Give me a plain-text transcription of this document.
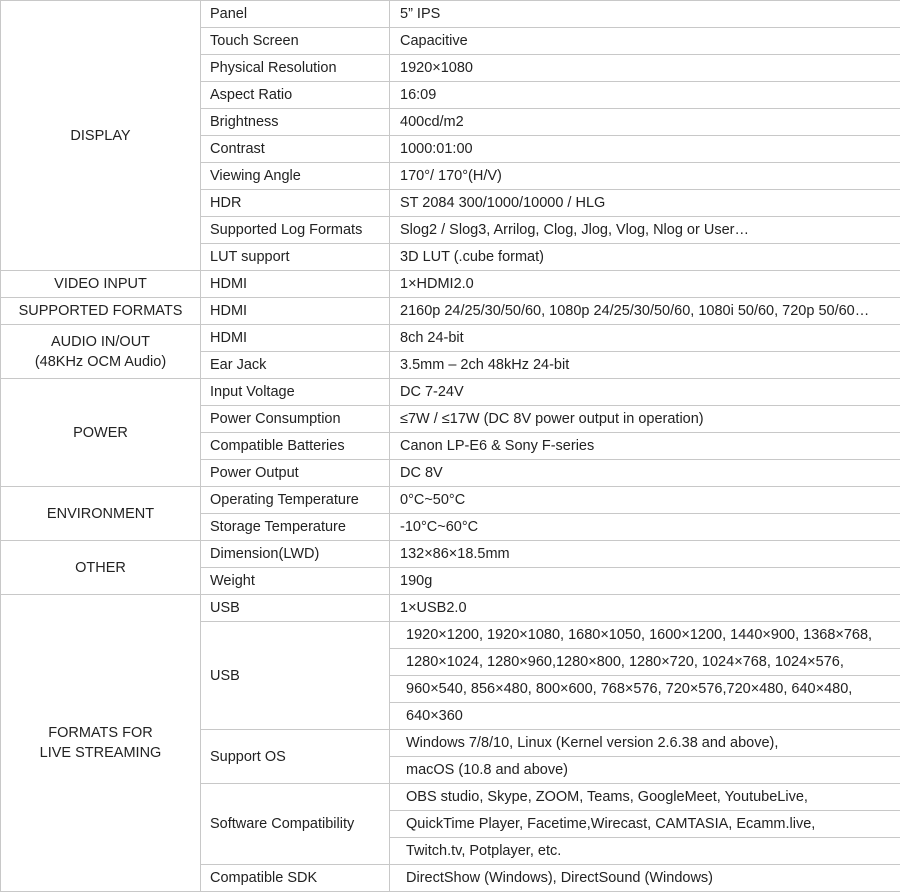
DISPLAY	Panel	5” IPS
	Touch Screen	Capacitive
	Physical Resolution	1920×1080
	Aspect Ratio	16:09
	Brightness	400cd/m2
	Contrast	1000:01:00
	Viewing Angle	170°/ 170°(H/V)
	HDR	ST 2084 300/1000/10000 / HLG
	Supported Log Formats	Slog2 / Slog3, Arrilog, Clog, Jlog, Vlog, Nlog or User…
	LUT support	3D LUT (.cube format)
VIDEO INPUT	HDMI	1×HDMI2.0
SUPPORTED FORMATS	HDMI	2160p 24/25/30/50/60, 1080p 24/25/30/50/60, 1080i 50/60, 720p 50/60…
AUDIO IN/OUT
(48KHz OCM Audio)	HDMI	8ch 24-bit
	Ear Jack	3.5mm – 2ch 48kHz 24-bit
POWER	Input Voltage	DC 7-24V
	Power Consumption	≤7W / ≤17W (DC 8V power output in operation)
	Compatible Batteries	Canon LP-E6 & Sony F-series
	Power Output	DC 8V
ENVIRONMENT	Operating Temperature	0°C~50°C
	Storage Temperature	-10°C~60°C
OTHER	Dimension(LWD)	132×86×18.5mm
	Weight	190g
FORMATS FOR
LIVE STREAMING	USB	1×USB2.0
	USB	1920×1200, 1920×1080, 1680×1050, 1600×1200, 1440×900, 1368×768,
		1280×1024, 1280×960,1280×800, 1280×720, 1024×768, 1024×576,
		960×540, 856×480, 800×600, 768×576, 720×576,720×480, 640×480,
		640×360
	Support OS	Windows 7/8/10, Linux (Kernel version 2.6.38 and above),
		macOS (10.8 and above)
	Software Compatibility	OBS studio, Skype, ZOOM, Teams, GoogleMeet, YoutubeLive,
		QuickTime Player, Facetime,Wirecast, CAMTASIA, Ecamm.live,
		Twitch.tv, Potplayer, etc.
	Compatible SDK	DirectShow (Windows), DirectSound (Windows)
